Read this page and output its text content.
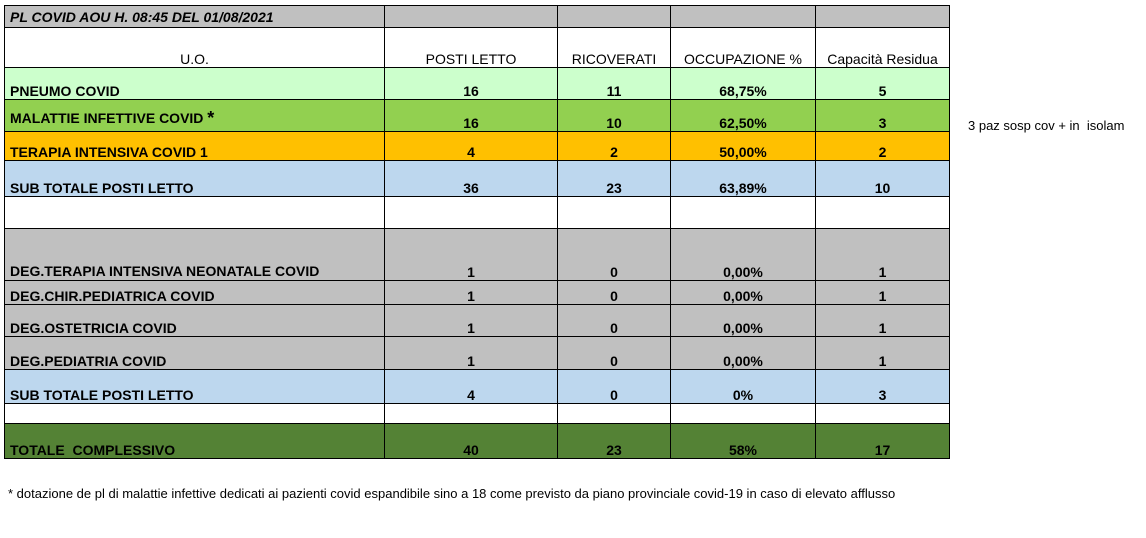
PL COVID AOU H. 08:45 DEL 01/08/2021				
U.O.	POSTI LETTO	RICOVERATI	OCCUPAZIONE %	Capacità Residua
PNEUMO COVID	16	11	68,75%	5
MALATTIE INFETTIVE COVID *	16	10	62,50%	3
TERAPIA INTENSIVA COVID 1	4	2	50,00%	2
SUB TOTALE POSTI LETTO	36	23	63,89%	10

DEG.TERAPIA INTENSIVA NEONATALE COVID	1	0	0,00%	1
DEG.CHIR.PEDIATRICA COVID	1	0	0,00%	1
DEG.OSTETRICIA COVID	1	0	0,00%	1
DEG.PEDIATRIA COVID	1	0	0,00%	1
SUB TOTALE POSTI LETTO	4	0	0%	3

TOTALE  COMPLESSIVO	40	23	58%	17
3 paz sosp cov + in  isolam
* dotazione de pl di malattie infettive dedicati ai pazienti covid espandibile sino a 18 come previsto da piano provinciale covid-19 in caso di elevato afflusso
